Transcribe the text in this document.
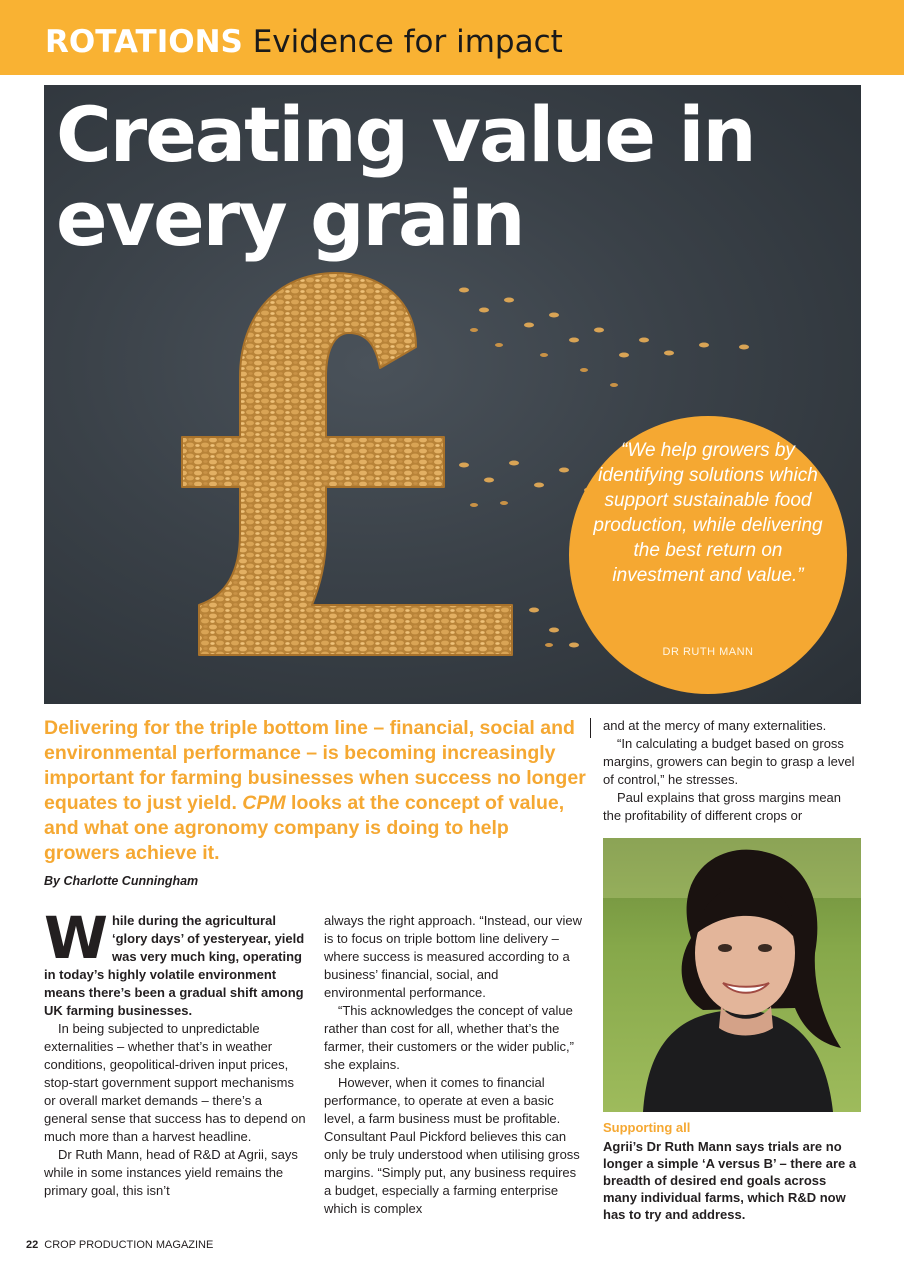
ROTATIONS Evidence for impact
Creating value in
every grain
“We help growers by identifying solutions which support sustainable food production, while delivering the best return on investment and value.”
DR RUTH MANN
Delivering for the triple bottom line – financial, social and environmental performance – is becoming increasingly important for farming businesses when success no longer equates to just yield. CPM looks at the concept of value, and what one agronomy company is doing to help growers achieve it.
By Charlotte Cunningham
W hile during the agricultural ‘glory days’ of yesteryear, yield was very much king, operating in today’s highly volatile environment means there’s been a gradual shift among UK farming businesses.

In being subjected to unpredictable externalities – whether that’s in weather conditions, geopolitical-driven input prices, stop-start government support mechanisms or overall market demands – there’s a general sense that success has to depend on much more than a harvest headline.

Dr Ruth Mann, head of R&D at Agrii, says while in some instances yield remains the primary goal, this isn’t

always the right approach. “Instead, our view is to focus on triple bottom line delivery – where success is measured according to a business’ financial, social, and environmental performance.

“This acknowledges the concept of value rather than cost for all, whether that’s the farmer, their customers or the wider public,” she explains.

However, when it comes to financial performance, to operate at even a basic level, a farm business must be profitable. Consultant Paul Pickford believes this can only be truly understood when utilising gross margins. “Simply put, any business requires a budget, especially a farming enterprise which is complex

and at the mercy of many externalities.

“In calculating a budget based on gross margins, growers can begin to grasp a level of control,” he stresses.

Paul explains that gross margins mean the profitability of different crops or

Supporting all
Agrii’s Dr Ruth Mann says trials are no longer a simple ‘A versus B’ – there are a breadth of desired end goals across many individual farms, which R&D now has to try and address.
22 CROP PRODUCTION MAGAZINE
